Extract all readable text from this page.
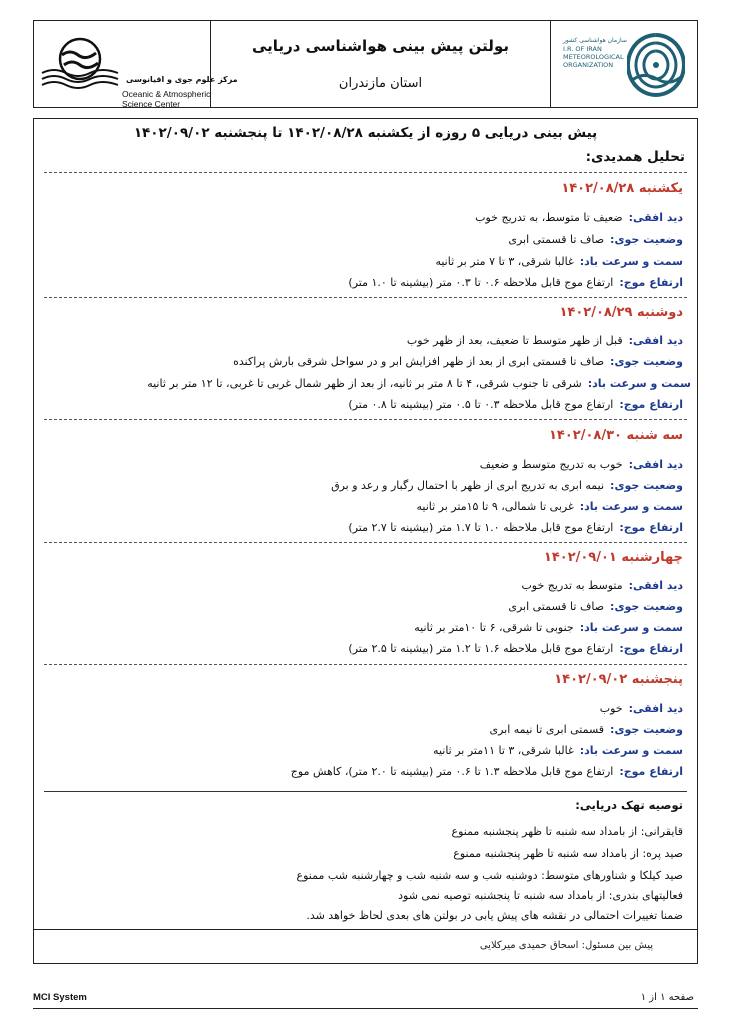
مرکز علوم جوی و اقیانوسی
Oceanic & Atmospheric
Science Center
بولتن پیش بینی هواشناسی دریایی
استان مازندران
سازمان هواشناسی کشور
I.R. OF IRAN
METEOROLOGICAL
ORGANIZATION
پیش بینی دریایی ۵ روزه از یکشنبه ۱۴۰۲/۰۸/۲۸ تا پنجشنبه ۱۴۰۲/۰۹/۰۲
تحلیل همدیدی:
یکشنبه ۱۴۰۲/۰۸/۲۸
دید افقی:ضعیف تا متوسط، به تدریج خوب
وضعیت جوی:صاف تا قسمتی ابری
سمت و سرعت باد:غالبا شرقی، ۳ تا ۷ متر بر ثانیه
ارتفاع موج:ارتفاع موج قابل ملاحظه ۰.۶ تا ۰.۳ متر (بیشینه تا ۱.۰ متر)
دوشنبه ۱۴۰۲/۰۸/۲۹
دید افقی:قبل از ظهر متوسط تا ضعیف، بعد از ظهر خوب
وضعیت جوی:صاف تا قسمتی ابری از بعد از ظهر افزایش ابر و در سواحل شرقی بارش پراکنده
سمت و سرعت باد:شرقی تا جنوب شرقی، ۴ تا ۸ متر بر ثانیه، از بعد از ظهر شمال غربی تا غربی، تا ۱۲ متر بر ثانیه
ارتفاع موج:ارتفاع موج قابل ملاحظه ۰.۳ تا ۰.۵ متر (بیشینه تا ۰.۸ متر)
سه شنبه ۱۴۰۲/۰۸/۳۰
دید افقی:خوب به تدریج متوسط و ضعیف
وضعیت جوی:نیمه ابری به تدریج ابری از ظهر با احتمال رگبار و رعد و برق
سمت و سرعت باد:غربی تا شمالی، ۹ تا ۱۵متر بر ثانیه
ارتفاع موج:ارتفاع موج قابل ملاحظه ۱.۰ تا ۱.۷ متر (بیشینه تا ۲.۷ متر)
چهارشنبه ۱۴۰۲/۰۹/۰۱
دید افقی:متوسط به تدریج خوب
وضعیت جوی:صاف تا قسمتی ابری
سمت و سرعت باد:جنوبی تا شرقی، ۶ تا ۱۰متر بر ثانیه
ارتفاع موج:ارتفاع موج قابل ملاحظه ۱.۶ تا ۱.۲ متر (بیشینه تا ۲.۵ متر)
پنجشنبه ۱۴۰۲/۰۹/۰۲
دید افقی:خوب
وضعیت جوی:قسمتی ابری تا نیمه ابری
سمت و سرعت باد:غالبا شرقی، ۳ تا ۱۱متر بر ثانیه
ارتفاع موج:ارتفاع موج قابل ملاحظه ۱.۳ تا ۰.۶ متر (بیشینه تا ۲.۰ متر)، کاهش موج
توصیه تهک دریایی:
قایقرانی: از بامداد سه شنبه تا ظهر پنجشنبه ممنوع
صید پره: از بامداد سه شنبه تا ظهر پنجشنبه ممنوع
صید کیلکا و شناورهای متوسط: دوشنبه شب و سه شنبه شب و چهارشنبه شب ممنوع
فعالیتهای بندری: از بامداد سه شنبه تا پنجشنبه توصیه نمی شود
ضمنا تغییرات احتمالی در نقشه های پیش یابی در بولتن های بعدی لحاظ خواهد شد.
پیش بین مسئول: اسحاق حمیدی میرکلایی
MCI System	صفحه ۱ از ۱
